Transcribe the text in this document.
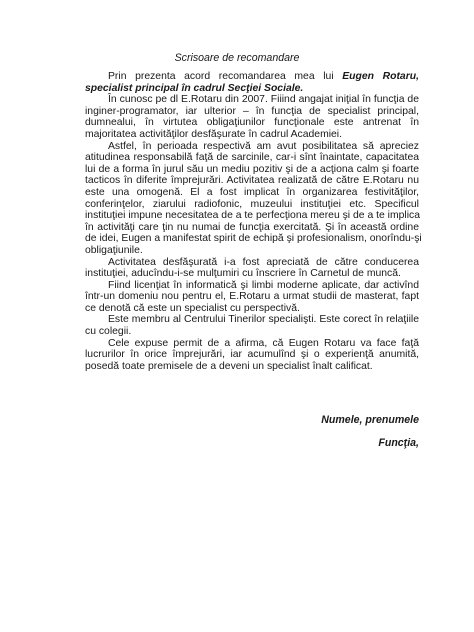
Scrisoare de recomandare
Prin prezenta acord recomandarea mea lui Eugen Rotaru,
specialist principal în cadrul Secţiei Sociale.
În cunosc pe dl E.Rotaru din 2007. Fiiind angajat iniţial în funcţia de
inginer-programator, iar ulterior – în funcţia de specialist principal,
dumnealui, în virtutea obligaţiunilor funcţionale este antrenat în
majoritatea activităţilor desfăşurate în cadrul Academiei.
Astfel, în perioada respectivă am avut posibilitatea să apreciez
atitudinea responsabilă faţă de sarcinile, car-i sînt înaintate, capacitatea
lui de a forma în jurul său un mediu pozitiv şi de a acţiona calm şi foarte
tacticos în diferite împrejurări. Activitatea realizată de către E.Rotaru nu
este una omogenă. El a fost implicat în organizarea festivităţilor,
conferinţelor, ziarului radiofonic, muzeului instituţiei etc. Specificul
instituţiei impune necesitatea de a te perfecţiona mereu şi de a te implica
în activităţi care ţin nu numai de funcţia exercitată. Şi în această ordine
de idei, Eugen a manifestat spirit de echipă şi profesionalism, onorîndu-şi
obligaţiunile.
Activitatea desfăşurată i-a fost apreciată de către conducerea
instituţiei, aducîndu-i-se mulţumiri cu înscriere în Carnetul de muncă.
Fiind licenţiat în informatică şi limbi moderne aplicate, dar activînd
într-un domeniu nou pentru el, E.Rotaru a urmat studii de masterat, fapt
ce denotă că este un specialist cu perspectivă.
Este membru al Centrului Tinerilor specialişti. Este corect în relaţiile
cu colegii.
Cele expuse permit de a afirma, că Eugen Rotaru va face faţă
lucrurilor în orice împrejurări, iar acumulînd şi o experienţă anumită,
posedă toate premisele de a deveni un specialist înalt calificat.
Numele, prenumele
Funcţia,
